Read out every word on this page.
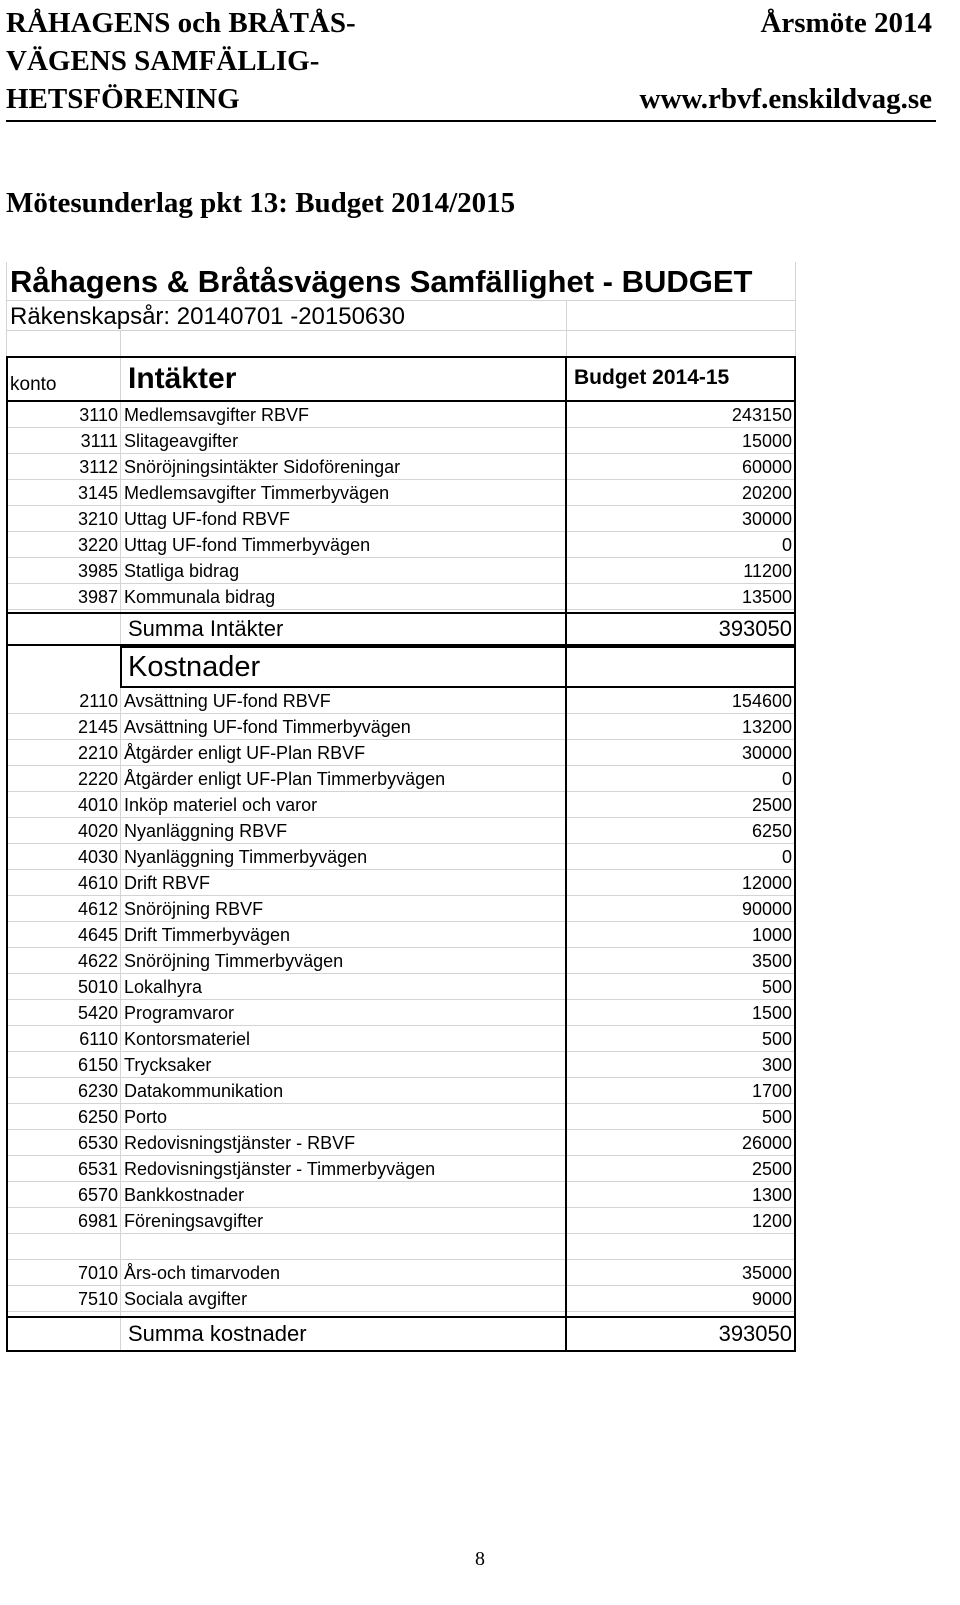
RÅHAGENS och BRÅTÅS-
VÄGENS SAMFÄLLIG-
HETSFÖRENING
Årsmöte 2014
www.rbvf.enskildvag.se
Mötesunderlag pkt 13: Budget 2014/2015
Råhagens & Bråtåsvägens Samfällighet - BUDGET
Räkenskapsår: 20140701 -20150630
konto Intäkter	Budget 2014-15
3110 Medlemsavgifter RBVF	243150
3111 Slitageavgifter	15000
3112 Snöröjningsintäkter Sidoföreningar	60000
3145 Medlemsavgifter Timmerbyvägen	20200
3210 Uttag UF-fond RBVF	30000
3220 Uttag UF-fond Timmerbyvägen	0
3985 Statliga bidrag	11200
3987 Kommunala bidrag	13500
Summa Intäkter	393050
Kostnader
2110 Avsättning UF-fond RBVF	154600
2145 Avsättning UF-fond Timmerbyvägen	13200
2210 Åtgärder enligt UF-Plan RBVF	30000
2220 Åtgärder enligt UF-Plan Timmerbyvägen	0
4010 Inköp materiel och varor	2500
4020 Nyanläggning RBVF	6250
4030 Nyanläggning Timmerbyvägen	0
4610 Drift RBVF	12000
4612 Snöröjning RBVF	90000
4645 Drift Timmerbyvägen	1000
4622 Snöröjning Timmerbyvägen	3500
5010 Lokalhyra	500
5420 Programvaror	1500
6110 Kontorsmateriel	500
6150 Trycksaker	300
6230 Datakommunikation	1700
6250 Porto	500
6530 Redovisningstjänster - RBVF	26000
6531 Redovisningstjänster - Timmerbyvägen	2500
6570 Bankkostnader	1300
6981 Föreningsavgifter	1200
7010 Års-och timarvoden	35000
7510 Sociala avgifter	9000
Summa kostnader	393050
8
